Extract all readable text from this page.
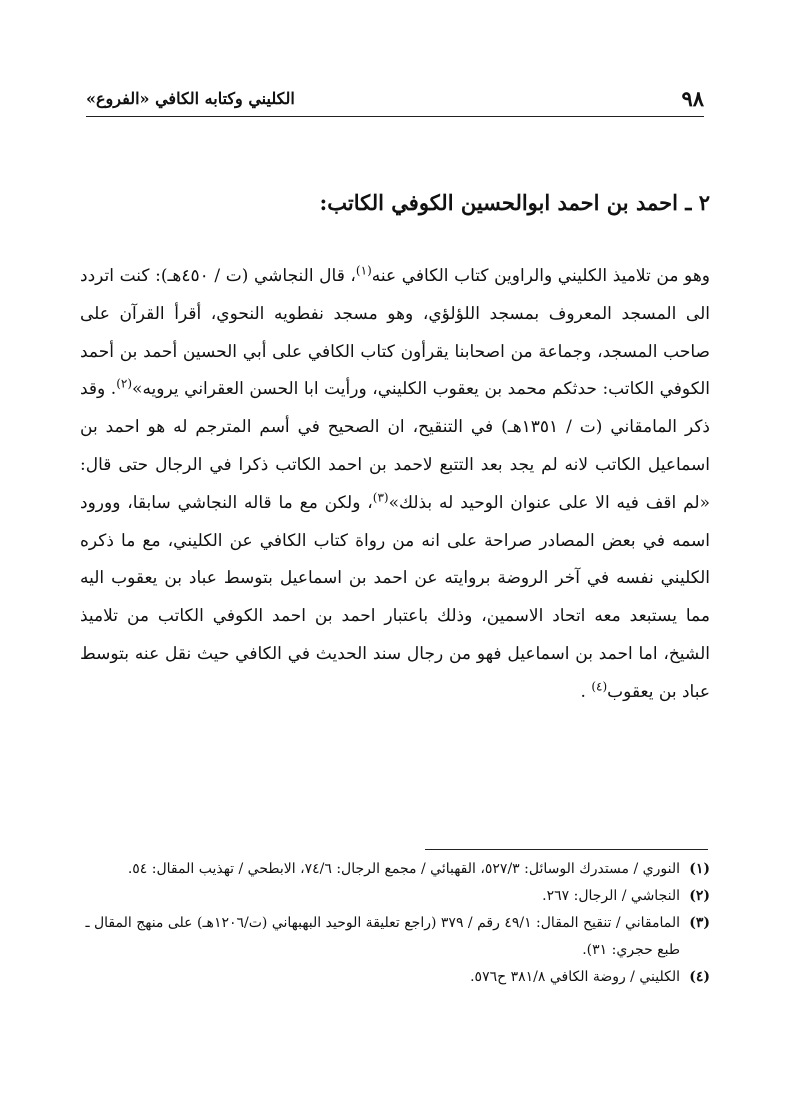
٩٨
الكليني وكتابه الكافي «الفروع»
٢ ـ احمد بن احمد ابوالحسين الكوفي الكاتب:

وهو من تلاميذ الكليني والراوين كتاب الكافي عنه$^{(١)}$، قال النجاشي (ت / ٤٥٠هـ): كنت اتردد الى المسجد المعروف بمسجد اللؤلؤي، وهو مسجد نفطويه النحوي، أقرأ القرآن على صاحب المسجد، وجماعة من اصحابنا يقرأون كتاب الكافي على أبي الحسين أحمد بن أحمد الكوفي الكاتب: حدثكم محمد بن يعقوب الكليني، ورأيت ابا الحسن العقراني يرويه»$^{(٢)}$. وقد ذكر المامقاني (ت / ١٣٥١هـ) في التنقيح، ان الصحيح في أسم المترجم له هو احمد بن اسماعيل الكاتب لانه لم يجد بعد التتبع لاحمد بن احمد الكاتب ذكرا في الرجال حتى قال: «لم اقف فيه الا على عنوان الوحيد له بذلك»$^{(٣)}$، ولكن مع ما قاله النجاشي سابقا، وورود اسمه في بعض المصادر صراحة على انه من رواة كتاب الكافي عن الكليني، مع ما ذكره الكليني نفسه في آخر الروضة بروايته عن احمد بن اسماعيل بتوسط عباد بن يعقوب اليه مما يستبعد معه اتحاد الاسمين، وذلك باعتبار احمد بن احمد الكوفي الكاتب من تلاميذ الشيخ، اما احمد بن اسماعيل فهو من رجال سند الحديث في الكافي حيث نقل عنه بتوسط عباد بن يعقوب$^{(٤)}$ .

(١)
النوري / مستدرك الوسائل: ٥٢٧/٣، القهبائي / مجمع الرجال: ٧٤/٦، الابطحي / تهذيب المقال: ٥٤.

(٢)
النجاشي / الرجال: ٢٦٧.

(٣)
المامقاني / تنقيح المقال: ٤٩/١ رقم / ٣٧٩ (راجع تعليقة الوحيد البهبهاني (ت/١٢٠٦هـ) على منهج المقال ـ طبع حجري: ٣١).

(٤)
الكليني / روضة الكافي ٣٨١/٨ ح٥٧٦.
